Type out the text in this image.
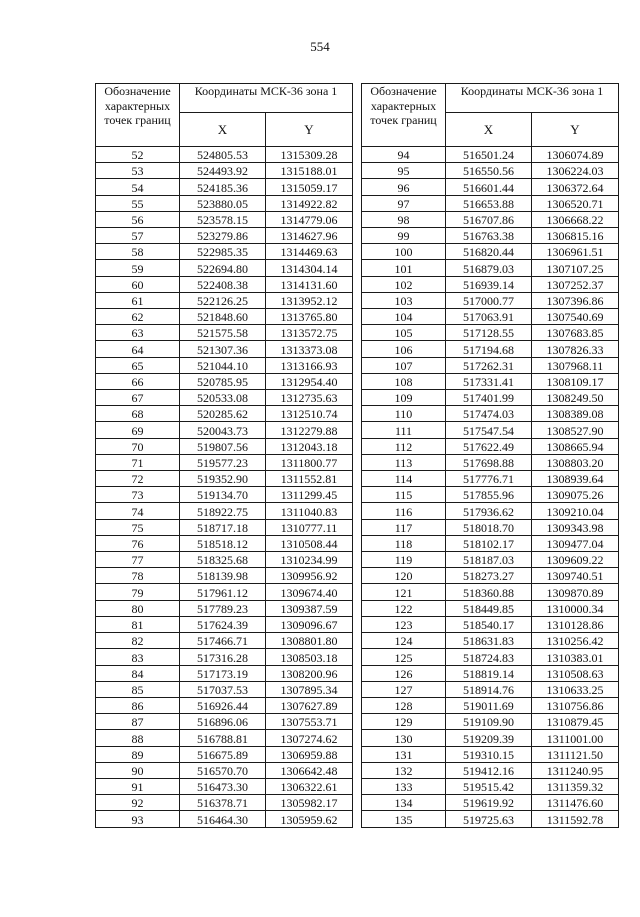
554
Обозначение характерных точек границ	Координаты МСК-36 зона 1	
	X	Y
52	524805.53	1315309.28
53	524493.92	1315188.01
54	524185.36	1315059.17
55	523880.05	1314922.82
56	523578.15	1314779.06
57	523279.86	1314627.96
58	522985.35	1314469.63
59	522694.80	1314304.14
60	522408.38	1314131.60
61	522126.25	1313952.12
62	521848.60	1313765.80
63	521575.58	1313572.75
64	521307.36	1313373.08
65	521044.10	1313166.93
66	520785.95	1312954.40
67	520533.08	1312735.63
68	520285.62	1312510.74
69	520043.73	1312279.88
70	519807.56	1312043.18
71	519577.23	1311800.77
72	519352.90	1311552.81
73	519134.70	1311299.45
74	518922.75	1311040.83
75	518717.18	1310777.11
76	518518.12	1310508.44
77	518325.68	1310234.99
78	518139.98	1309956.92
79	517961.12	1309674.40
80	517789.23	1309387.59
81	517624.39	1309096.67
82	517466.71	1308801.80
83	517316.28	1308503.18
84	517173.19	1308200.96
85	517037.53	1307895.34
86	516926.44	1307627.89
87	516896.06	1307553.71
88	516788.81	1307274.62
89	516675.89	1306959.88
90	516570.70	1306642.48
91	516473.30	1306322.61
92	516378.71	1305982.17
93	516464.30	1305959.62
Обозначение характерных точек границ	Координаты МСК-36 зона 1	
	X	Y
94	516501.24	1306074.89
95	516550.56	1306224.03
96	516601.44	1306372.64
97	516653.88	1306520.71
98	516707.86	1306668.22
99	516763.38	1306815.16
100	516820.44	1306961.51
101	516879.03	1307107.25
102	516939.14	1307252.37
103	517000.77	1307396.86
104	517063.91	1307540.69
105	517128.55	1307683.85
106	517194.68	1307826.33
107	517262.31	1307968.11
108	517331.41	1308109.17
109	517401.99	1308249.50
110	517474.03	1308389.08
111	517547.54	1308527.90
112	517622.49	1308665.94
113	517698.88	1308803.20
114	517776.71	1308939.64
115	517855.96	1309075.26
116	517936.62	1309210.04
117	518018.70	1309343.98
118	518102.17	1309477.04
119	518187.03	1309609.22
120	518273.27	1309740.51
121	518360.88	1309870.89
122	518449.85	1310000.34
123	518540.17	1310128.86
124	518631.83	1310256.42
125	518724.83	1310383.01
126	518819.14	1310508.63
127	518914.76	1310633.25
128	519011.69	1310756.86
129	519109.90	1310879.45
130	519209.39	1311001.00
131	519310.15	1311121.50
132	519412.16	1311240.95
133	519515.42	1311359.32
134	519619.92	1311476.60
135	519725.63	1311592.78
